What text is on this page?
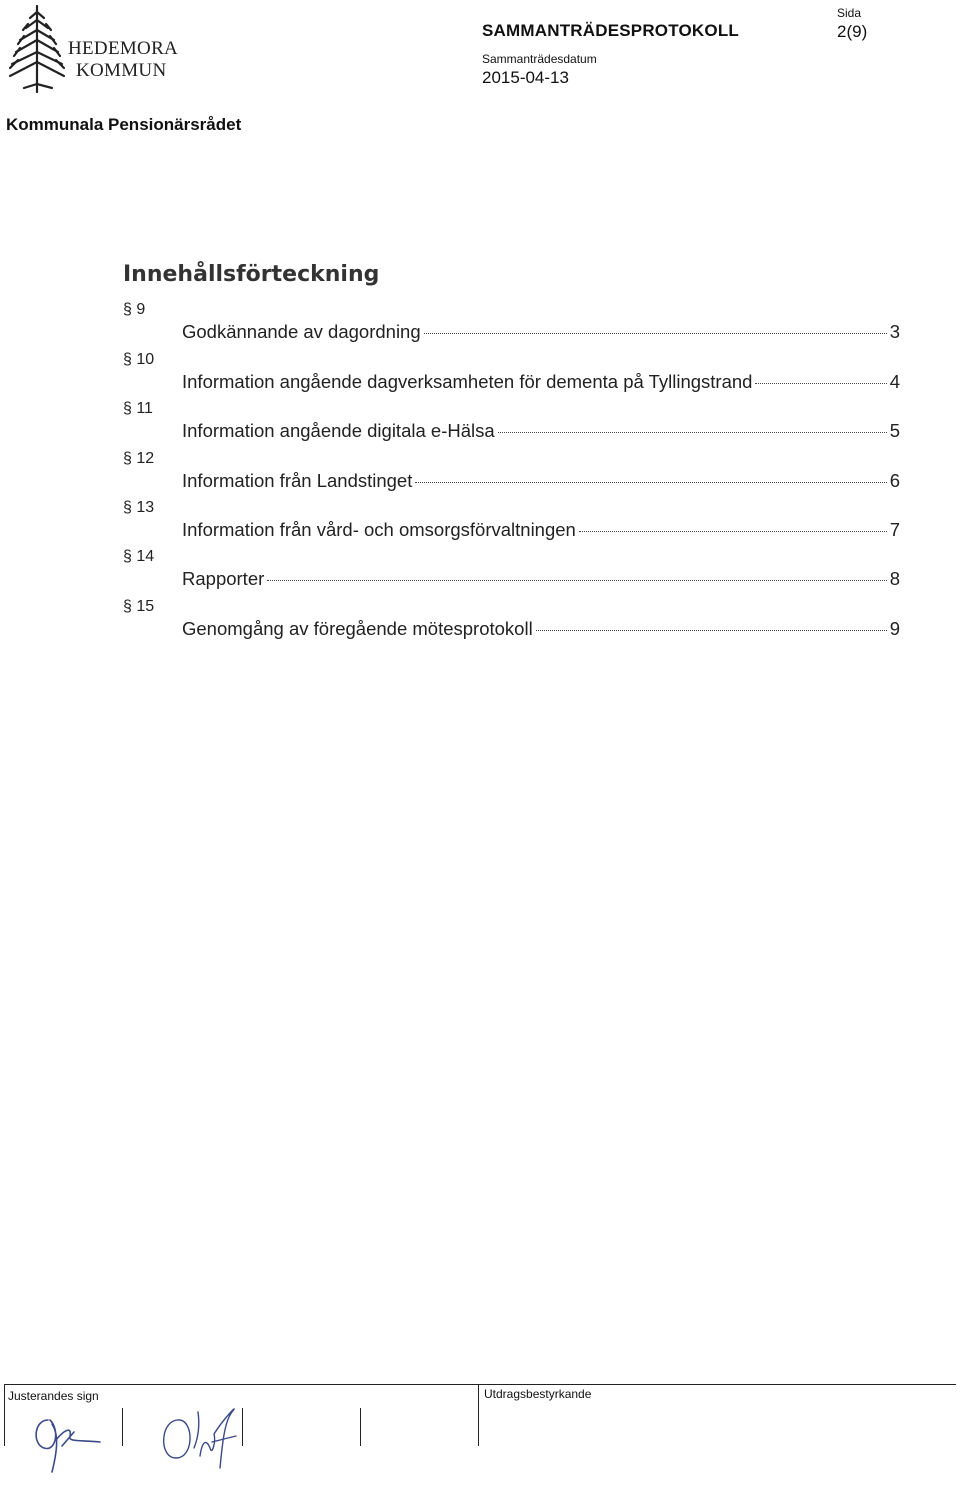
HEDEMORA
KOMMUN
SAMMANTRÄDESPROTOKOLL
Sammanträdesdatum
2015-04-13
Sida
2(9)
Kommunala Pensionärsrådet
Innehållsförteckning
§ 9
Godkännande av dagordning	3
§ 10
Information angående dagverksamheten för dementa på Tyllingstrand	4
§ 11
Information angående digitala e-Hälsa	5
§ 12
Information från Landstinget	6
§ 13
Information från vård- och omsorgsförvaltningen	7
§ 14
Rapporter	8
§ 15
Genomgång av föregående mötesprotokoll	9
Justerandes sign	Utdragsbestyrkande
